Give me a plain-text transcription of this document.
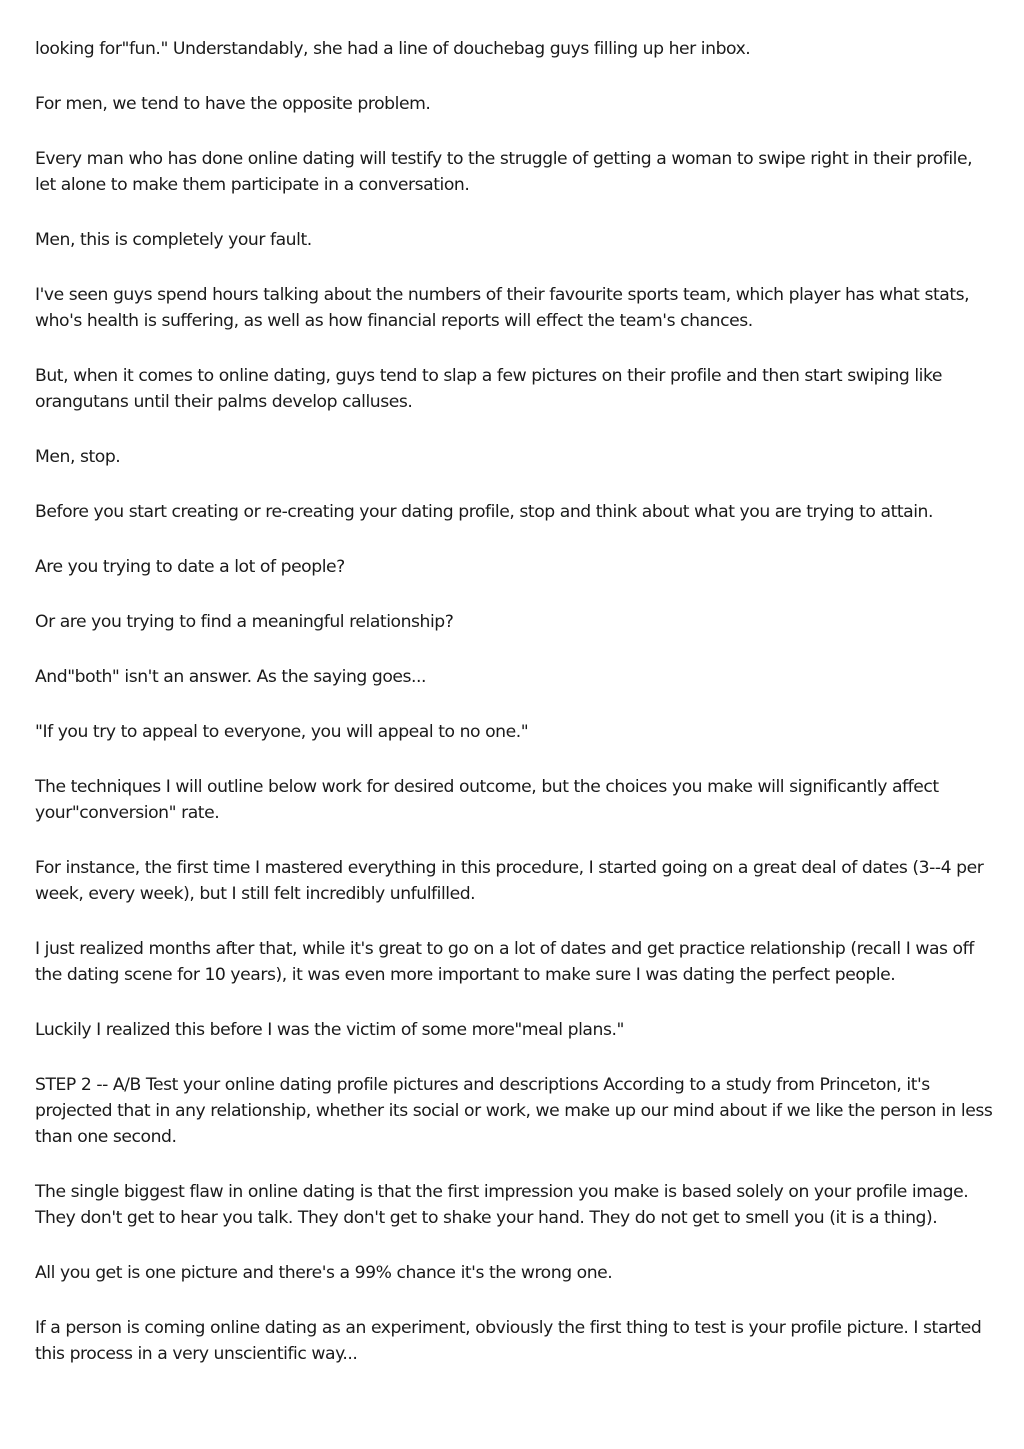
looking for"fun." Understandably, she had a line of douchebag guys filling up her inbox.

For men, we tend to have the opposite problem.

Every man who has done online dating will testify to the struggle of getting a woman to swipe right in their profile, let alone to make them participate in a conversation.

Men, this is completely your fault.

I've seen guys spend hours talking about the numbers of their favourite sports team, which player has what stats, who's health is suffering, as well as how financial reports will effect the team's chances.

But, when it comes to online dating, guys tend to slap a few pictures on their profile and then start swiping like orangutans until their palms develop calluses.

Men, stop.

Before you start creating or re-creating your dating profile, stop and think about what you are trying to attain.

Are you trying to date a lot of people?

Or are you trying to find a meaningful relationship?

And"both" isn't an answer. As the saying goes...

"If you try to appeal to everyone, you will appeal to no one."

The techniques I will outline below work for desired outcome, but the choices you make will significantly affect your"conversion" rate.

For instance, the first time I mastered everything in this procedure, I started going on a great deal of dates (3--4 per week, every week), but I still felt incredibly unfulfilled.

I just realized months after that, while it's great to go on a lot of dates and get practice relationship (recall I was off the dating scene for 10 years), it was even more important to make sure I was dating the perfect people.

Luckily I realized this before I was the victim of some more"meal plans."

STEP 2 -- A/B Test your online dating profile pictures and descriptions According to a study from Princeton, it's projected that in any relationship, whether its social or work, we make up our mind about if we like the person in less than one second.

The single biggest flaw in online dating is that the first impression you make is based solely on your profile image. They don't get to hear you talk. They don't get to shake your hand. They do not get to smell you (it is a thing).

All you get is one picture and there's a 99% chance it's the wrong one.

If a person is coming online dating as an experiment, obviously the first thing to test is your profile picture. I started this process in a very unscientific way...
